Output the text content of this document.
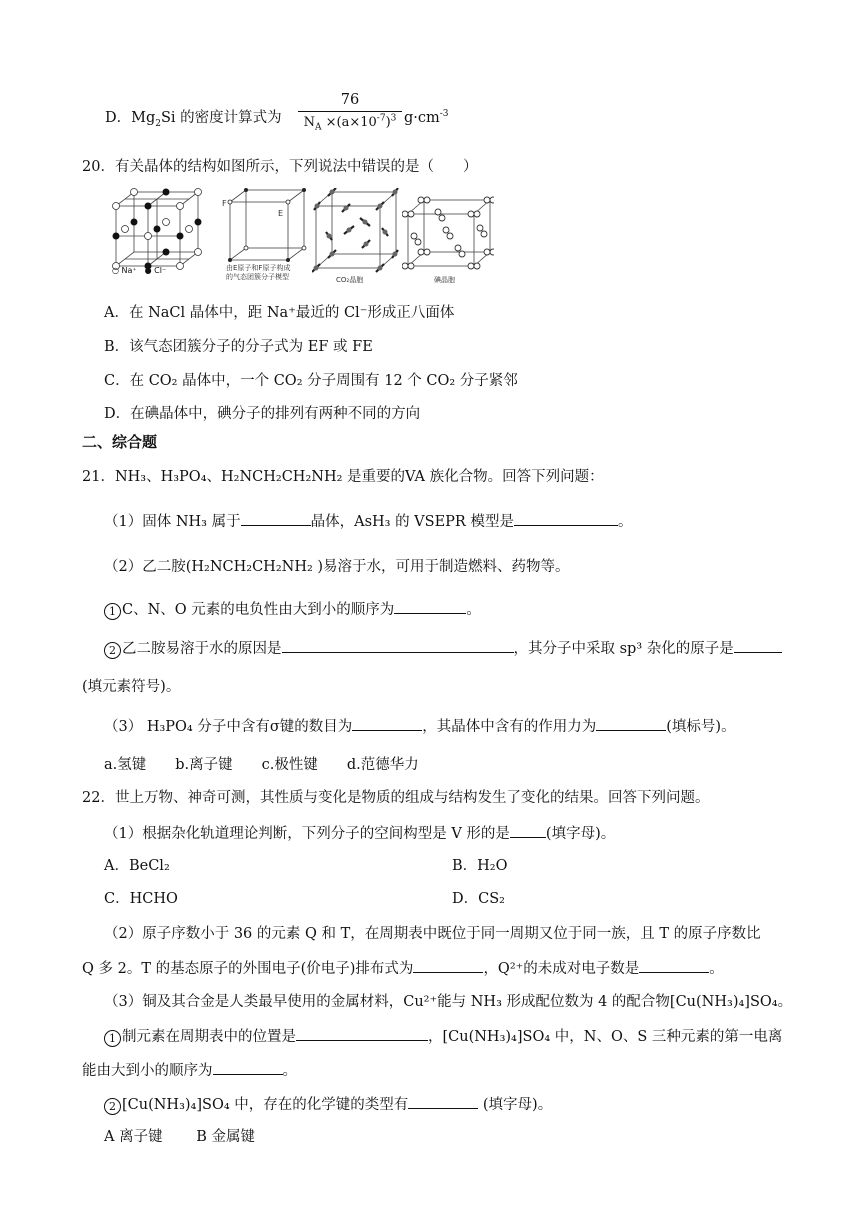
D．$Mg_2Si$ 的密度计算式为
76
$N_A \times(a\times 10^{-7})^3$ $g\cdot cm^{-3}$
20．有关晶体的结构如图所示，下列说法中错误的是（　　）
○ Na⁺　● Cl⁻
F
E
由E原子和F原子构成
的气态团簇分子模型	CO₂晶胞	碘晶胞
A．在 NaCl 晶体中，距 Na⁺最近的 Cl⁻形成正八面体
B．该气态团簇分子的分子式为 EF 或 FE
C．在 CO₂ 晶体中，一个 CO₂ 分子周围有 12 个 CO₂ 分子紧邻
D．在碘晶体中，碘分子的排列有两种不同的方向
二、综合题
21．NH₃、H₃PO₄、H₂NCH₂CH₂NH₂ 是重要的VA 族化合物。回答下列问题：
（1）固体 NH₃ 属于	晶体，AsH₃ 的 VSEPR 模型是	。
（2）乙二胺(H₂NCH₂CH₂NH₂ )易溶于水，可用于制造燃料、药物等。
1 C、N、O 元素的电负性由大到小的顺序为	。
2 乙二胺易溶于水的原因是	，其分子中采取 sp³ 杂化的原子是
(填元素符号)。
（3） H₃PO₄ 分子中含有σ键的数目为	，其晶体中含有的作用力为	(填标号)。
a.氢键　　b.离子键　　c.极性键　　d.范德华力
22．世上万物、神奇可测，其性质与变化是物质的组成与结构发生了变化的结果。回答下列问题。
（1）根据杂化轨道理论判断，下列分子的空间构型是 V 形的是 (填字母)。
A．BeCl₂	B．H₂O
C．HCHO	D．CS₂
（2）原子序数小于 36 的元素 Q 和 T，在周期表中既位于同一周期又位于同一族，且 T 的原子序数比
Q 多 2。T 的基态原子的外围电子(价电子)排布式为	，Q²⁺的未成对电子数是	。
（3）铜及其合金是人类最早使用的金属材料，Cu²⁺能与 NH₃ 形成配位数为 4 的配合物[Cu(NH₃)₄]SO₄。
1 制元素在周期表中的位置是	，[Cu(NH₃)₄]SO₄ 中，N、O、S 三种元素的第一电离
能由大到小的顺序为	。
2 [Cu(NH₃)₄]SO₄ 中，存在的化学键的类型有	(填字母)。
A 离子键　　 B 金属键
